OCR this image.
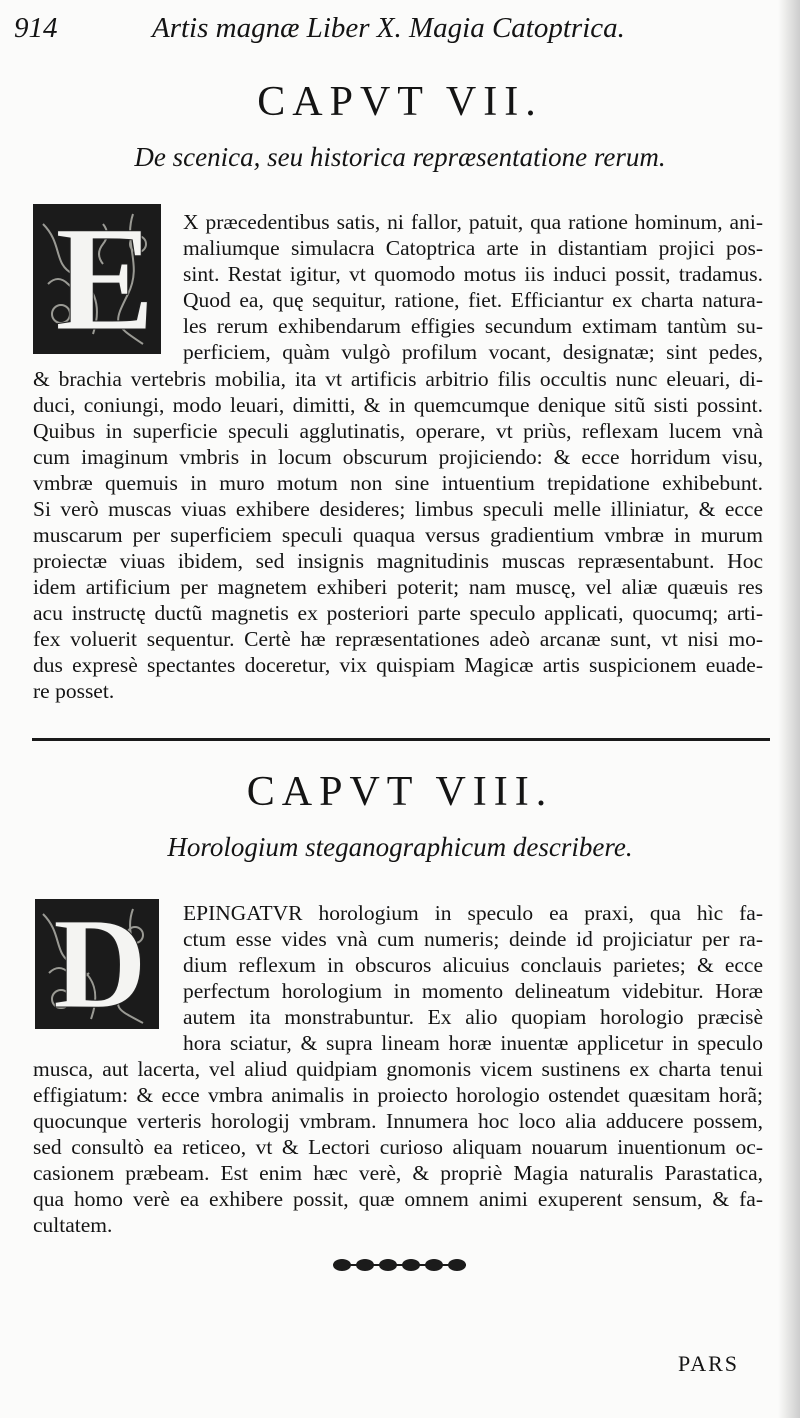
914	Artis magnæ Liber X. Magia Catoptrica.
CAPVT VII.
De scenica, seu historica repræsentatione rerum.
E X præcedentibus satis, ni fallor, patuit, qua ratione hominum, ani-
maliumque simulacra Catoptrica arte in distantiam projici pos-
sint. Restat igitur, vt quomodo motus iis induci possit, tradamus.
Quod ea, quę sequitur, ratione, fiet. Efficiantur ex charta natura-
les rerum exhibendarum effigies secundum extimam tantùm su-
perficiem, quàm vulgò profilum vocant, designatæ; sint pedes,
& brachia vertebris mobilia, ita vt artificis arbitrio filis occultis nunc eleuari, di-
duci, coniungi, modo leuari, dimitti, & in quemcumque denique sitũ sisti possint.
Quibus in superficie speculi agglutinatis, operare, vt priùs, reflexam lucem vnà
cum imaginum vmbris in locum obscurum projiciendo: & ecce horridum visu,
vmbræ quemuis in muro motum non sine intuentium trepidatione exhibebunt.
Si verò muscas viuas exhibere desideres; limbus speculi melle illiniatur, & ecce
muscarum per superficiem speculi quaqua versus gradientium vmbræ in murum
proiectæ viuas ibidem, sed insignis magnitudinis muscas repræsentabunt. Hoc
idem artificium per magnetem exhiberi poterit; nam muscę, vel aliæ quæuis res
acu instructę ductũ magnetis ex posteriori parte speculo applicati, quocumq; arti-
fex voluerit sequentur. Certè hæ repræsentationes adeò arcanæ sunt, vt nisi mo-
dus expresè spectantes doceretur, vix quispiam Magicæ artis suspicionem euade-
re posset.
CAPVT VIII.
Horologium steganographicum describere.
D EPINGATVR horologium in speculo ea praxi, qua hìc fa-
ctum esse vides vnà cum numeris; deinde id projiciatur per ra-
dium reflexum in obscuros alicuius conclauis parietes; & ecce
perfectum horologium in momento delineatum videbitur. Horæ
autem ita monstrabuntur. Ex alio quopiam horologio præcisè
hora sciatur, & supra lineam horæ inuentæ applicetur in speculo
musca, aut lacerta, vel aliud quidpiam gnomonis vicem sustinens ex charta tenui
effigiatum: & ecce vmbra animalis in proiecto horologio ostendet quæsitam horã;
quocunque verteris horologij vmbram. Innumera hoc loco alia adducere possem,
sed consultò ea reticeo, vt & Lectori curioso aliquam nouarum inuentionum oc-
casionem præbeam. Est enim hæc verè, & propriè Magia naturalis Parastatica,
qua homo verè ea exhibere possit, quæ omnem animi exuperent sensum, & fa-
cultatem.
PARS
